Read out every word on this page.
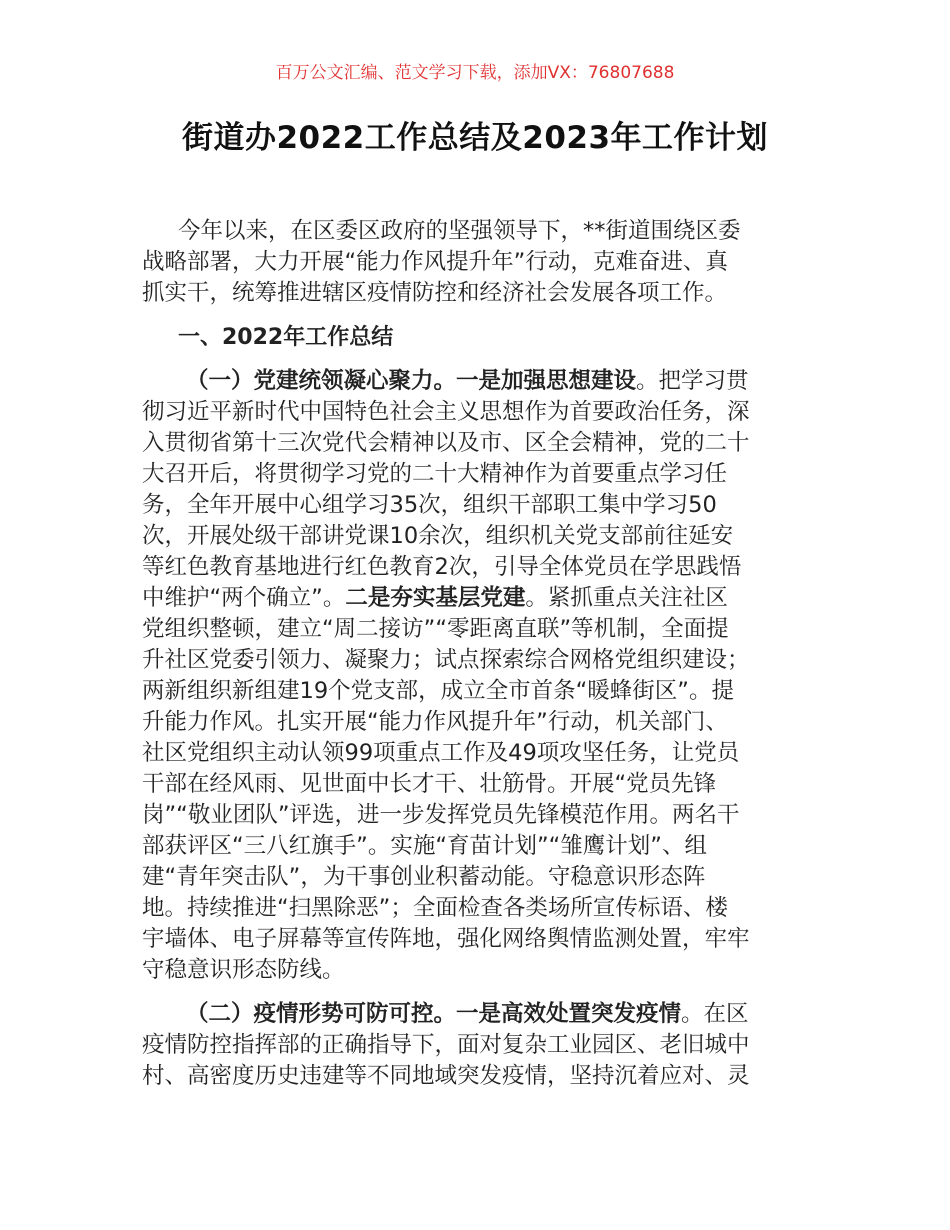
百万公文汇编、范文学习下载，添加VX：76807688
街道办2022工作总结及2023年工作计划
今年以来，在区委区政府的坚强领导下，**街道围绕区委
战略部署，大力开展“能力作风提升年”行动，克难奋进、真
抓实干，统筹推进辖区疫情防控和经济社会发展各项工作。
一、2022年工作总结
（一）党建统领凝心聚力。一是加强思想建设。把学习贯
彻习近平新时代中国特色社会主义思想作为首要政治任务，深
入贯彻省第十三次党代会精神以及市、区全会精神，党的二十
大召开后，将贯彻学习党的二十大精神作为首要重点学习任
务，全年开展中心组学习35次，组织干部职工集中学习50
次，开展处级干部讲党课10余次，组织机关党支部前往延安
等红色教育基地进行红色教育2次，引导全体党员在学思践悟
中维护“两个确立”。二是夯实基层党建。紧抓重点关注社区
党组织整顿，建立“周二接访”“零距离直联”等机制，全面提
升社区党委引领力、凝聚力；试点探索综合网格党组织建设；
两新组织新组建19个党支部，成立全市首条“暖蜂街区”。提
升能力作风。扎实开展“能力作风提升年”行动，机关部门、
社区党组织主动认领99项重点工作及49项攻坚任务，让党员
干部在经风雨、见世面中长才干、壮筋骨。开展“党员先锋
岗”“敬业团队”评选，进一步发挥党员先锋模范作用。两名干
部获评区“三八红旗手”。实施“育苗计划”“雏鹰计划”、组
建“青年突击队”，为干事创业积蓄动能。守稳意识形态阵
地。持续推进“扫黑除恶”；全面检查各类场所宣传标语、楼
宇墙体、电子屏幕等宣传阵地，强化网络舆情监测处置，牢牢
守稳意识形态防线。
（二）疫情形势可防可控。一是高效处置突发疫情。在区
疫情防控指挥部的正确指导下，面对复杂工业园区、老旧城中
村、高密度历史违建等不同地域突发疫情，坚持沉着应对、灵
